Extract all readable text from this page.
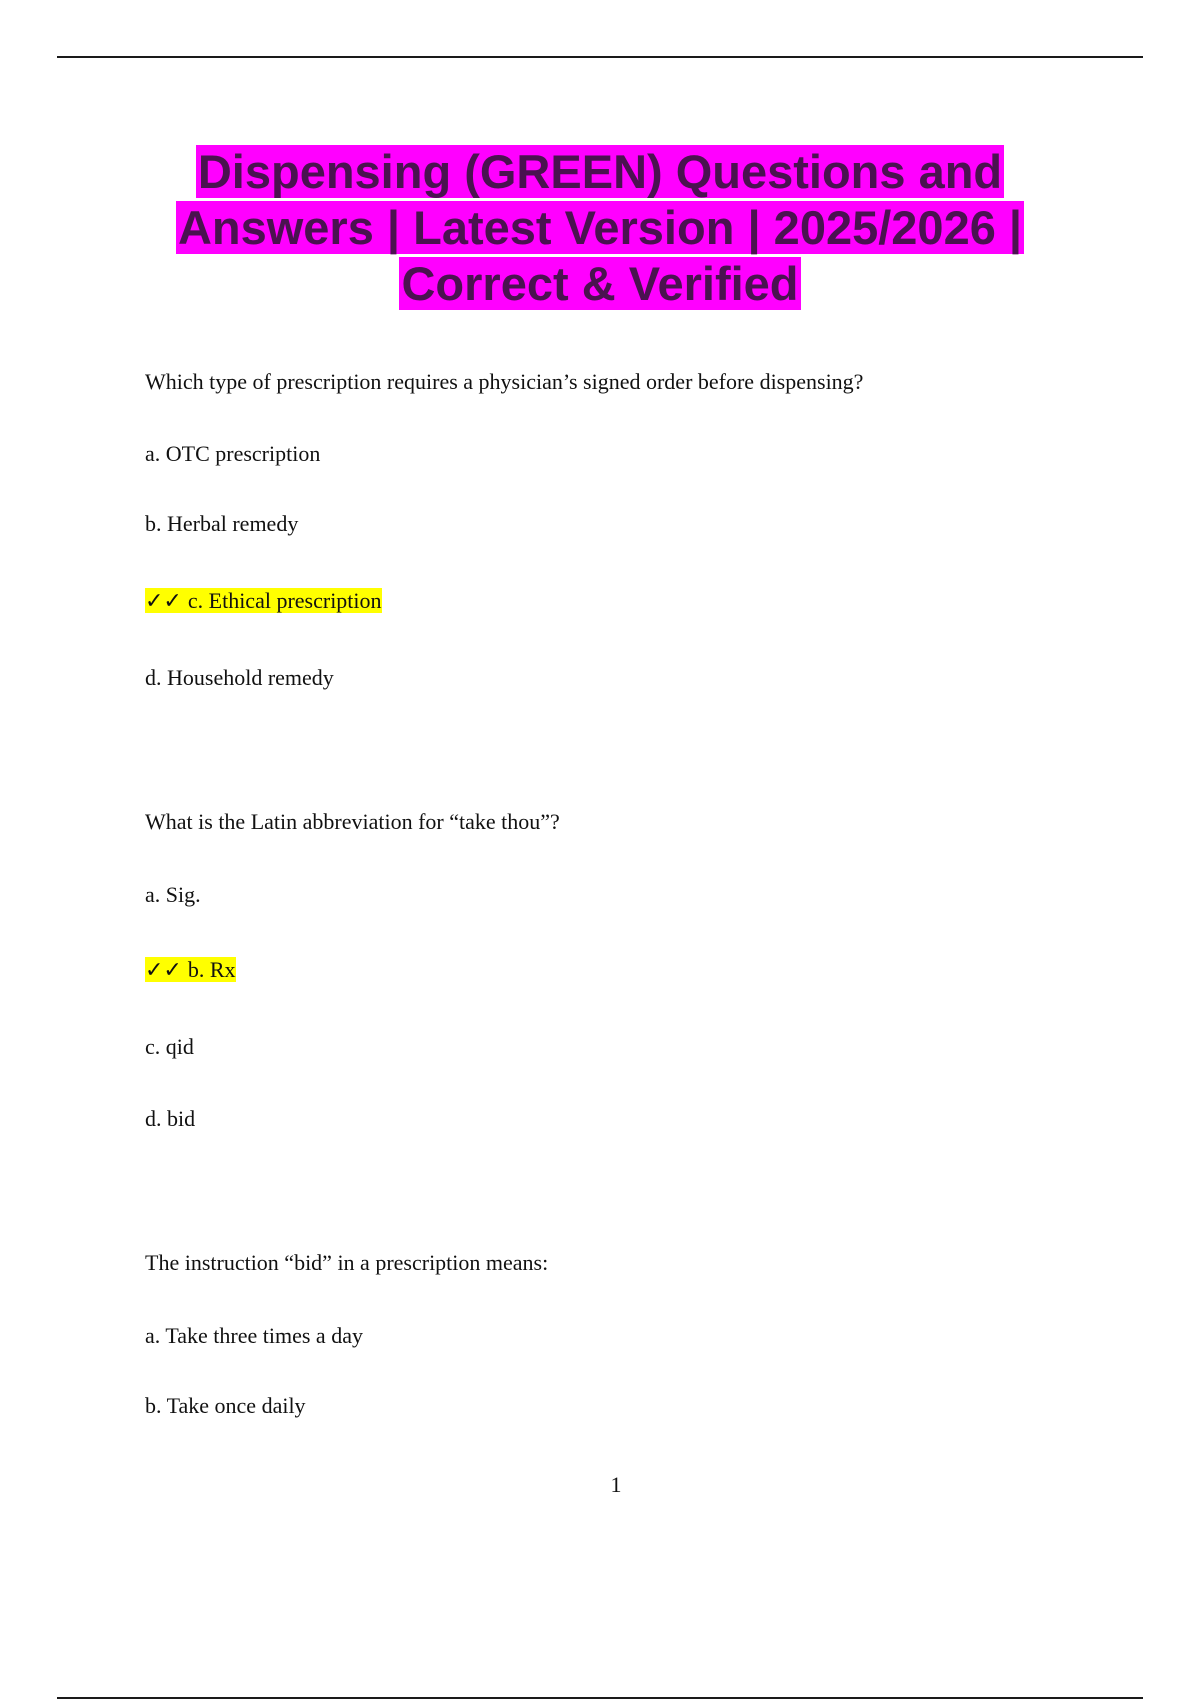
Dispensing (GREEN) Questions and
Answers | Latest Version | 2025/2026 |
Correct & Verified
Which type of prescription requires a physician’s signed order before dispensing?
a. OTC prescription
b. Herbal remedy
✓✓ c. Ethical prescription
d. Household remedy
What is the Latin abbreviation for “take thou”?
a. Sig.
✓✓ b. Rx
c. qid
d. bid
The instruction “bid” in a prescription means:
a. Take three times a day
b. Take once daily
1
